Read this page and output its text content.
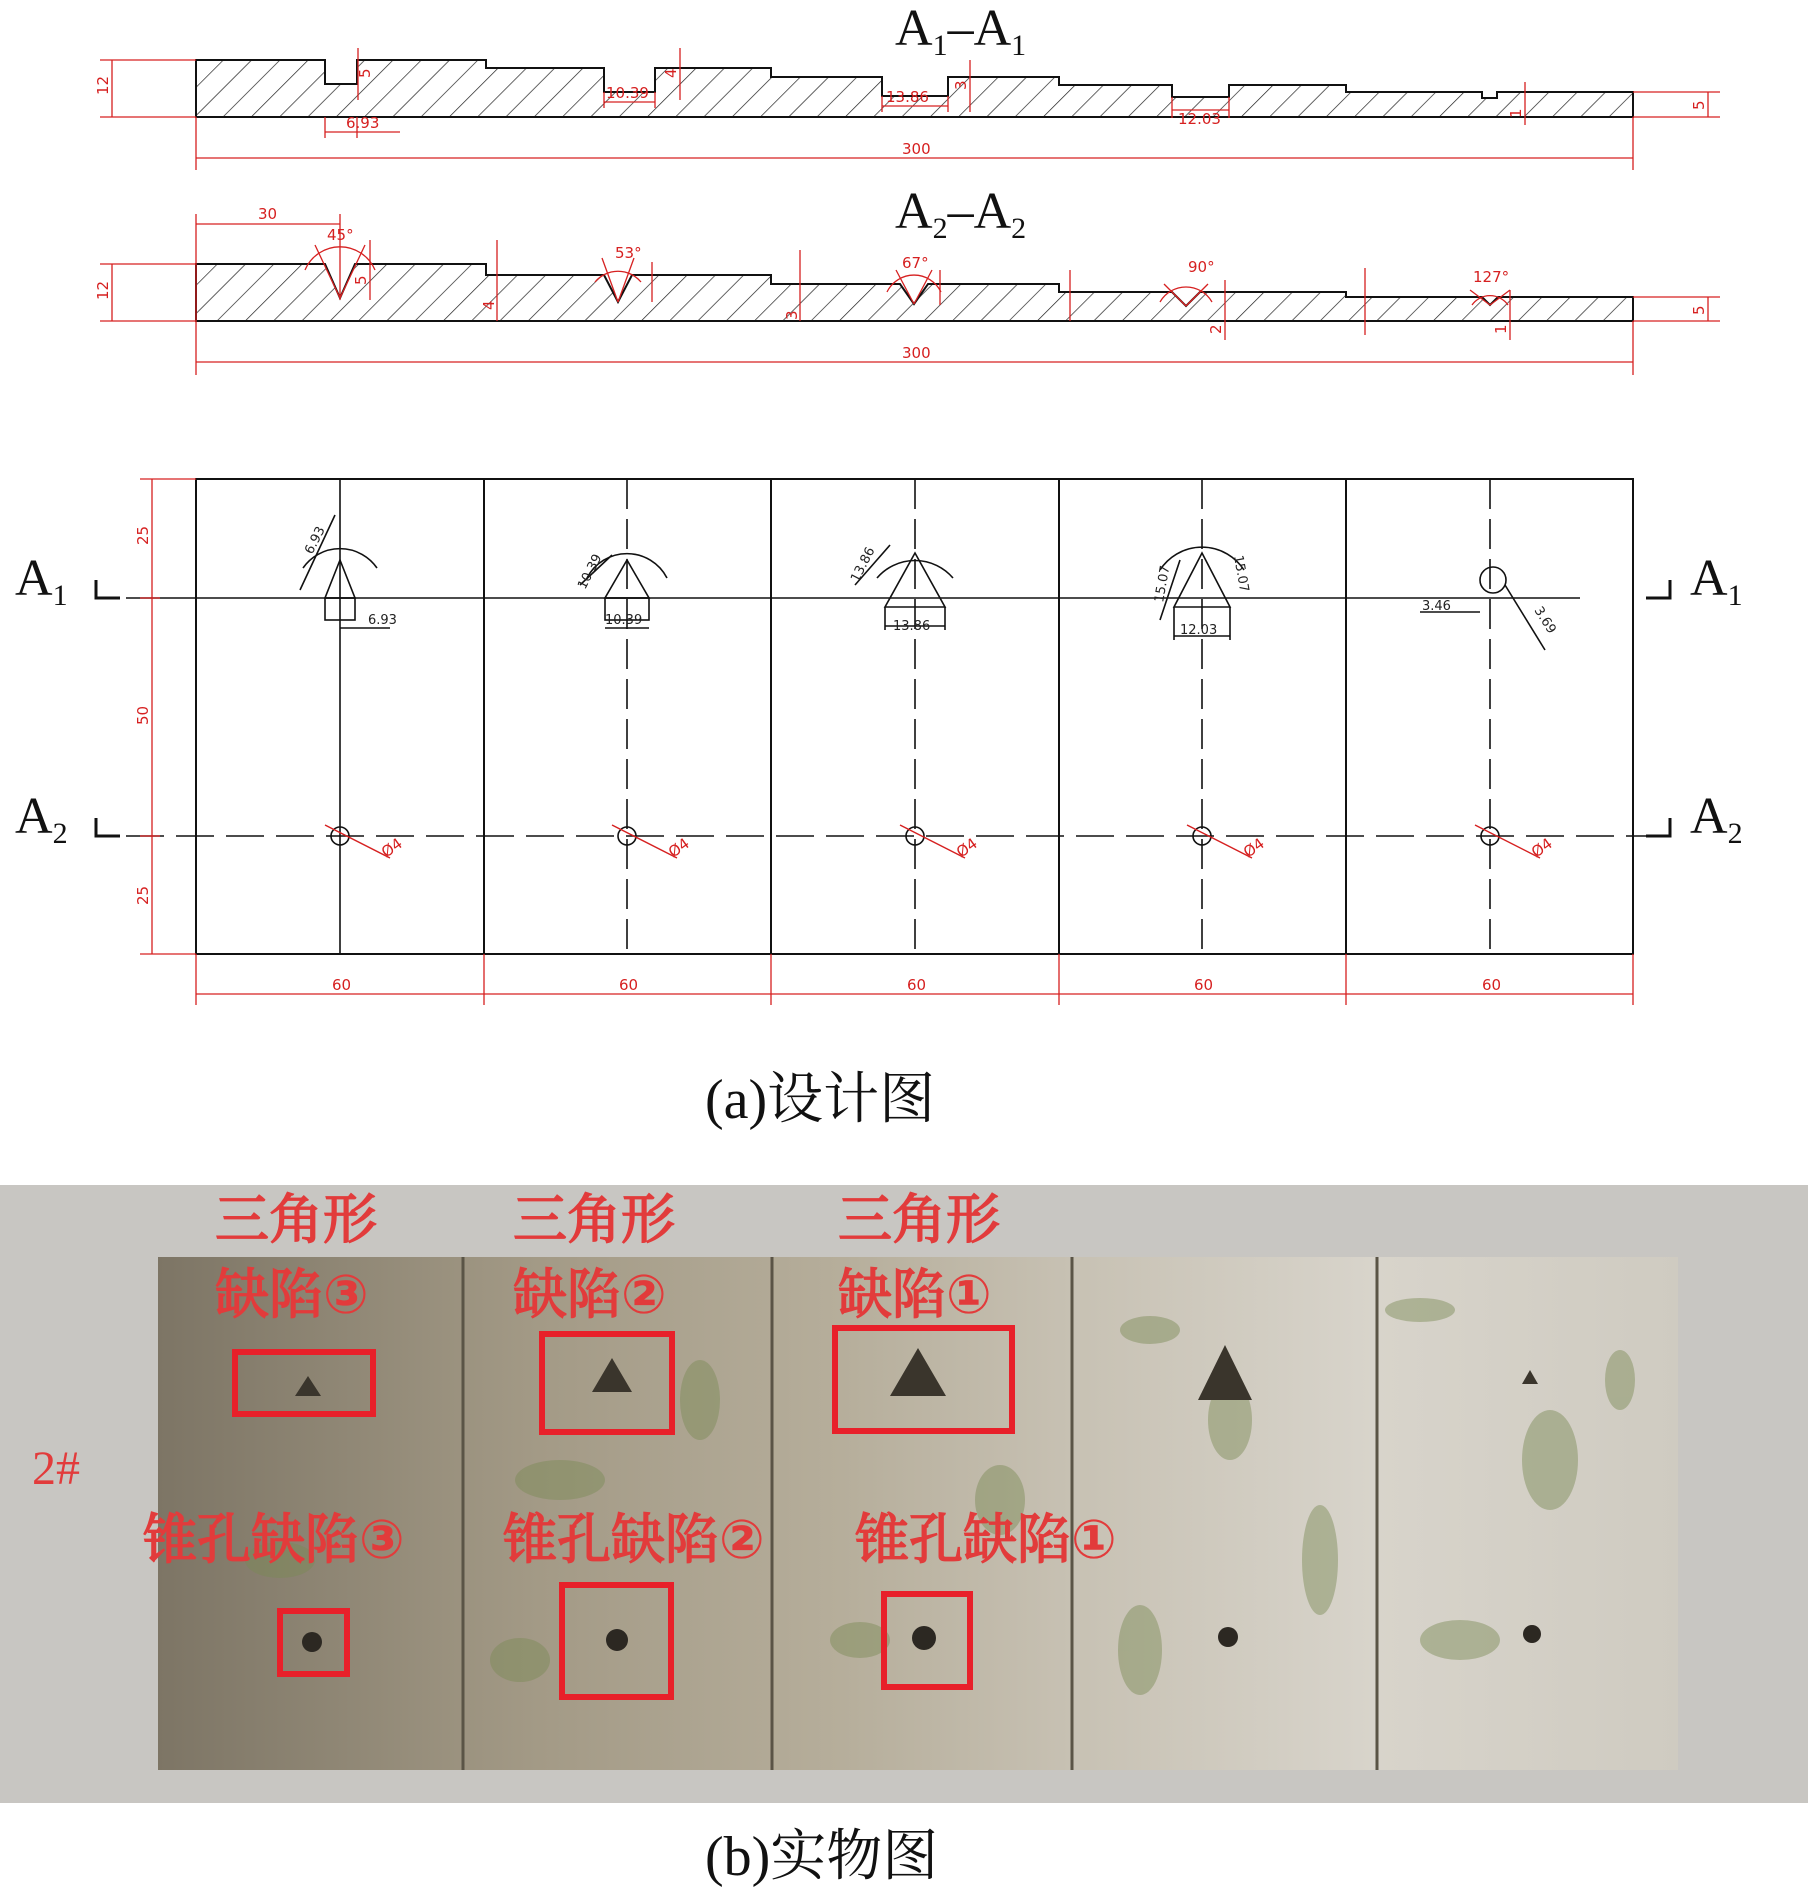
A1–A1
12
5
300
6.93
10.39	13.86
12.03
5	4
3
1
A2–A2
12
5
300
30
45°
53°
67°	90°
127°
5
4
3
2	1
6.93
6.93
10.39
10.39
13.86
13.86
15.07	15.07
12.03
3.46	3.69
Ø4	Ø4	Ø4	Ø4	Ø4
25
50
25
60	60	60	60	60
A1	A1
A2	A2
(a)设计图
三角形
缺陷③
三角形
缺陷②
三角形
缺陷①
锥孔缺陷③ 锥孔缺陷② 锥孔缺陷①
2#
(b)实物图
